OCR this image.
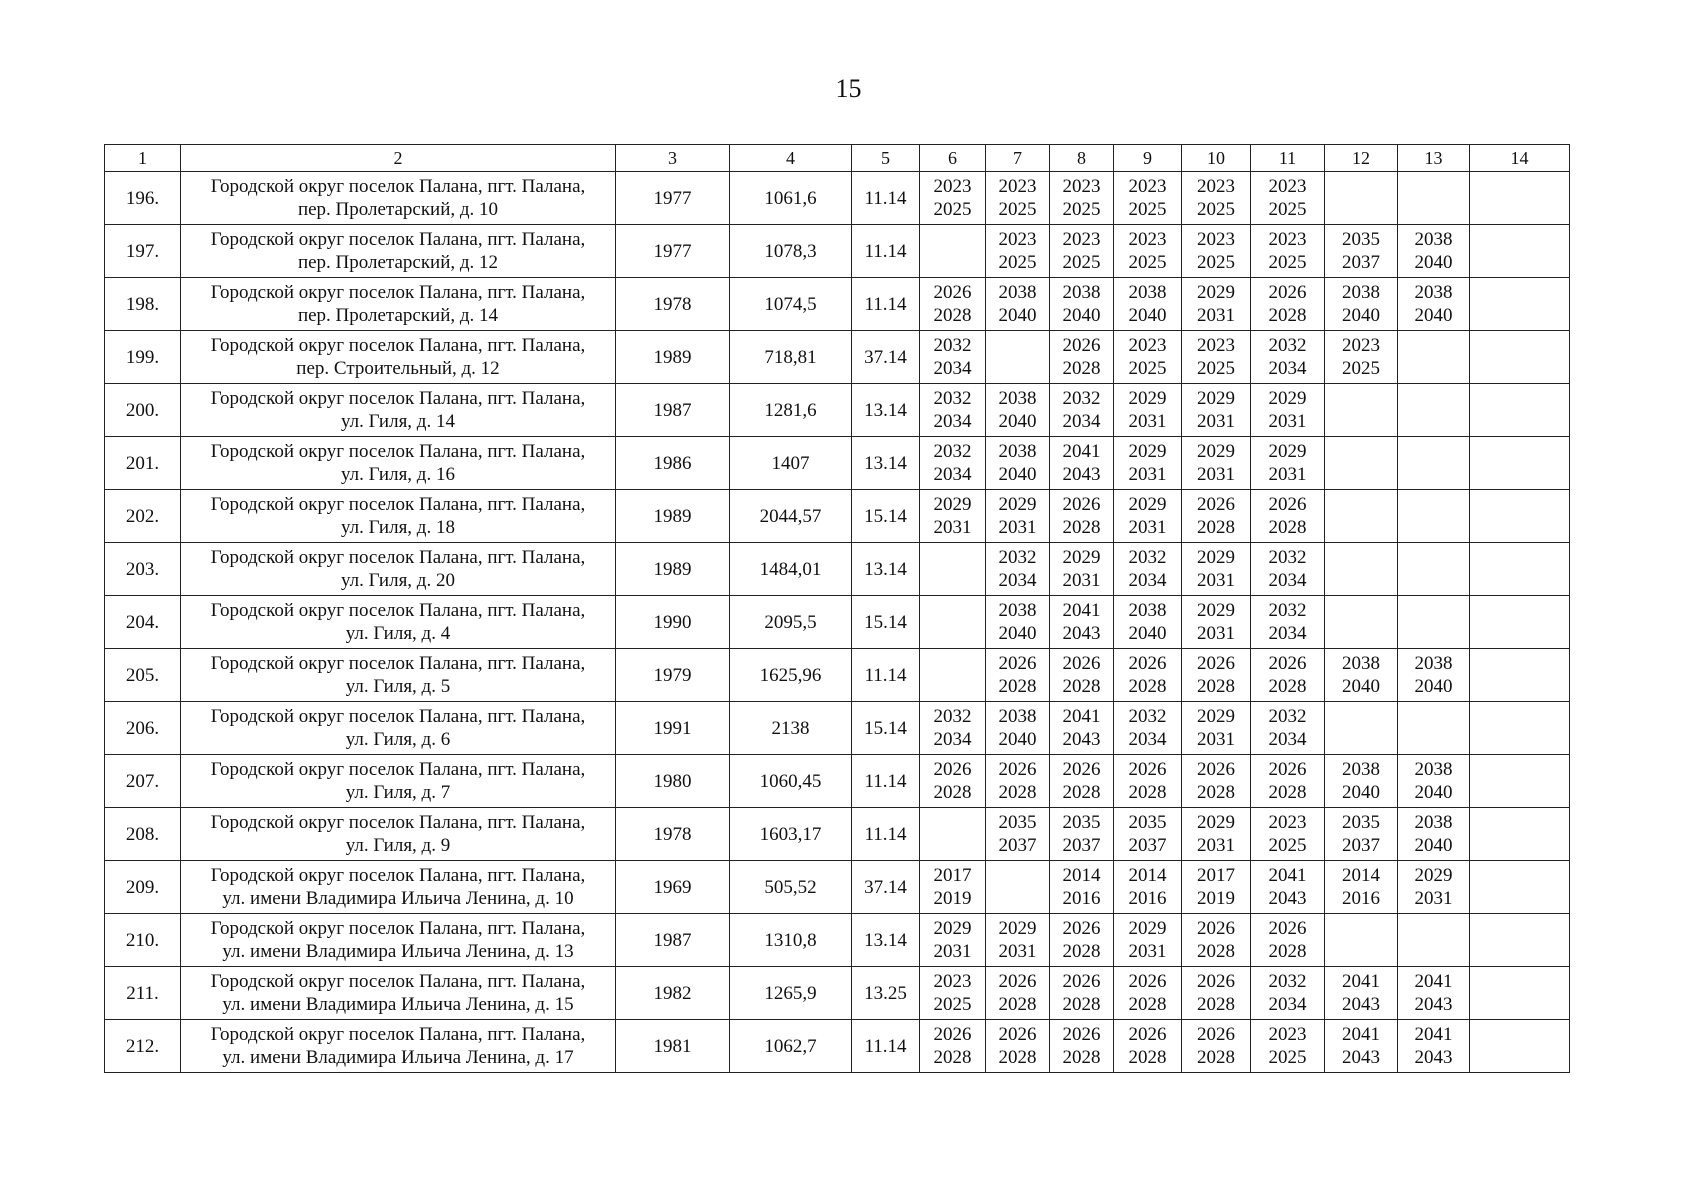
15
1	2	3	4	5	6	7	8	9	10	11	12	13	14
196.	Городской округ поселок Палана, пгт. Палана,
пер. Пролетарский, д. 10	1977	1061,6	11.14	2023
2025	2023
2025	2023
2025	2023
2025	2023
2025	2023
2025			

197.	Городской округ поселок Палана, пгт. Палана,
пер. Пролетарский, д. 12	1977	1078,3	11.14		2023
2025	2023
2025	2023
2025	2023
2025	2023
2025	2035
2037	2038
2040	

198.	Городской округ поселок Палана, пгт. Палана,
пер. Пролетарский, д. 14	1978	1074,5	11.14	2026
2028	2038
2040	2038
2040	2038
2040	2029
2031	2026
2028	2038
2040	2038
2040	

199.	Городской округ поселок Палана, пгт. Палана,
пер. Строительный, д. 12	1989	718,81	37.14	2032
2034		2026
2028	2023
2025	2023
2025	2032
2034	2023
2025		

200.	Городской округ поселок Палана, пгт. Палана,
ул. Гиля, д. 14	1987	1281,6	13.14	2032
2034	2038
2040	2032
2034	2029
2031	2029
2031	2029
2031			

201.	Городской округ поселок Палана, пгт. Палана,
ул. Гиля, д. 16	1986	1407	13.14	2032
2034	2038
2040	2041
2043	2029
2031	2029
2031	2029
2031			

202.	Городской округ поселок Палана, пгт. Палана,
ул. Гиля, д. 18	1989	2044,57	15.14	2029
2031	2029
2031	2026
2028	2029
2031	2026
2028	2026
2028			

203.	Городской округ поселок Палана, пгт. Палана,
ул. Гиля, д. 20	1989	1484,01	13.14		2032
2034	2029
2031	2032
2034	2029
2031	2032
2034			

204.	Городской округ поселок Палана, пгт. Палана,
ул. Гиля, д. 4	1990	2095,5	15.14		2038
2040	2041
2043	2038
2040	2029
2031	2032
2034			

205.	Городской округ поселок Палана, пгт. Палана,
ул. Гиля, д. 5	1979	1625,96	11.14		2026
2028	2026
2028	2026
2028	2026
2028	2026
2028	2038
2040	2038
2040	

206.	Городской округ поселок Палана, пгт. Палана,
ул. Гиля, д. 6	1991	2138	15.14	2032
2034	2038
2040	2041
2043	2032
2034	2029
2031	2032
2034			

207.	Городской округ поселок Палана, пгт. Палана,
ул. Гиля, д. 7	1980	1060,45	11.14	2026
2028	2026
2028	2026
2028	2026
2028	2026
2028	2026
2028	2038
2040	2038
2040	

208.	Городской округ поселок Палана, пгт. Палана,
ул. Гиля, д. 9	1978	1603,17	11.14		2035
2037	2035
2037	2035
2037	2029
2031	2023
2025	2035
2037	2038
2040	

209.	Городской округ поселок Палана, пгт. Палана,
ул. имени Владимира Ильича Ленина, д. 10	1969	505,52	37.14	2017
2019		2014
2016	2014
2016	2017
2019	2041
2043	2014
2016	2029
2031	

210.	Городской округ поселок Палана, пгт. Палана,
ул. имени Владимира Ильича Ленина, д. 13	1987	1310,8	13.14	2029
2031	2029
2031	2026
2028	2029
2031	2026
2028	2026
2028			

211.	Городской округ поселок Палана, пгт. Палана,
ул. имени Владимира Ильича Ленина, д. 15	1982	1265,9	13.25	2023
2025	2026
2028	2026
2028	2026
2028	2026
2028	2032
2034	2041
2043	2041
2043	

212.	Городской округ поселок Палана, пгт. Палана,
ул. имени Владимира Ильича Ленина, д. 17	1981	1062,7	11.14	2026
2028	2026
2028	2026
2028	2026
2028	2026
2028	2023
2025	2041
2043	2041
2043	
